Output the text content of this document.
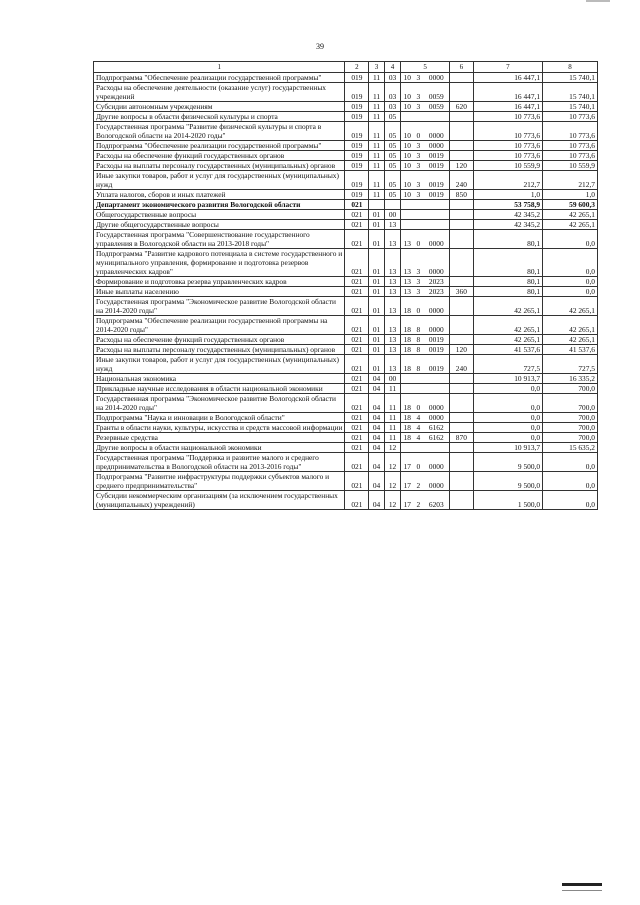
39
1	2	3	4	5			6	7	8
Подпрограмма "Обеспечение реализации государственной программы"	019	11	03	10	3	0000		16 447,1	15 740,1
Расходы на обеспечение деятельности (оказание услуг) государственных учреждений	019	11	03	10	3	0059		16 447,1	15 740,1
Субсидии автономным учреждениям	019	11	03	10	3	0059	620	16 447,1	15 740,1
Другие вопросы в области физической культуры и спорта	019	11	05					10 773,6	10 773,6
Государственная программа "Развитие физической культуры и спорта в Вологодской области на 2014-2020 годы"	019	11	05	10	0	0000		10 773,6	10 773,6
Подпрограмма "Обеспечение реализации государственной программы"	019	11	05	10	3	0000		10 773,6	10 773,6
Расходы на обеспечение функций государственных органов	019	11	05	10	3	0019		10 773,6	10 773,6
Расходы на выплаты персоналу государственных (муниципальных) органов	019	11	05	10	3	0019	120	10 559,9	10 559,9
Иные закупки товаров, работ и услуг для государственных (муниципальных) нужд	019	11	05	10	3	0019	240	212,7	212,7
Уплата налогов, сборов и иных платежей	019	11	05	10	3	0019	850	1,0	1,0
Департамент экономического развития Вологодской области	021							53 758,9	59 600,3
Общегосударственные вопросы	021	01	00					42 345,2	42 265,1
Другие общегосударственные вопросы	021	01	13					42 345,2	42 265,1
Государственная программа "Совершенствование государственного управления в Вологодской области на 2013-2018 годы"	021	01	13	13	0	0000		80,1	0,0
Подпрограмма "Развитие кадрового потенциала в системе государственного и муниципального управления, формирование и подготовка резервов управленческих кадров"	021	01	13	13	3	0000		80,1	0,0
Формирование и подготовка резерва управленческих кадров	021	01	13	13	3	2023		80,1	0,0
Иные выплаты населению	021	01	13	13	3	2023	360	80,1	0,0
Государственная программа "Экономическое развитие Вологодской области на 2014-2020 годы"	021	01	13	18	0	0000		42 265,1	42 265,1
Подпрограмма "Обеспечение реализации государственной программы на 2014-2020 годы"	021	01	13	18	8	0000		42 265,1	42 265,1
Расходы на обеспечение функций государственных органов	021	01	13	18	8	0019		42 265,1	42 265,1
Расходы на выплаты персоналу государственных (муниципальных) органов	021	01	13	18	8	0019	120	41 537,6	41 537,6
Иные закупки товаров, работ и услуг для государственных (муниципальных) нужд	021	01	13	18	8	0019	240	727,5	727,5
Национальная экономика	021	04	00					10 913,7	16 335,2
Прикладные научные исследования в области национальной экономики	021	04	11					0,0	700,0
Государственная программа "Экономическое развитие Вологодской области на 2014-2020 годы"	021	04	11	18	0	0000		0,0	700,0
Подпрограмма "Наука и инновации в Вологодской области"	021	04	11	18	4	0000		0,0	700,0
Гранты в области науки, культуры, искусства и средств массовой информации	021	04	11	18	4	6162		0,0	700,0
Резервные средства	021	04	11	18	4	6162	870	0,0	700,0
Другие вопросы в области национальной экономики	021	04	12					10 913,7	15 635,2
Государственная программа "Поддержка и развитие малого и среднего предпринимательства в Вологодской области на 2013-2016 годы"	021	04	12	17	0	0000		9 500,0	0,0
Подпрограмма "Развитие инфраструктуры поддержки субъектов малого и среднего предпринимательства"	021	04	12	17	2	0000		9 500,0	0,0
Субсидии некоммерческим организациям (за исключением государственных (муниципальных) учреждений)	021	04	12	17	2	6203		1 500,0	0,0
